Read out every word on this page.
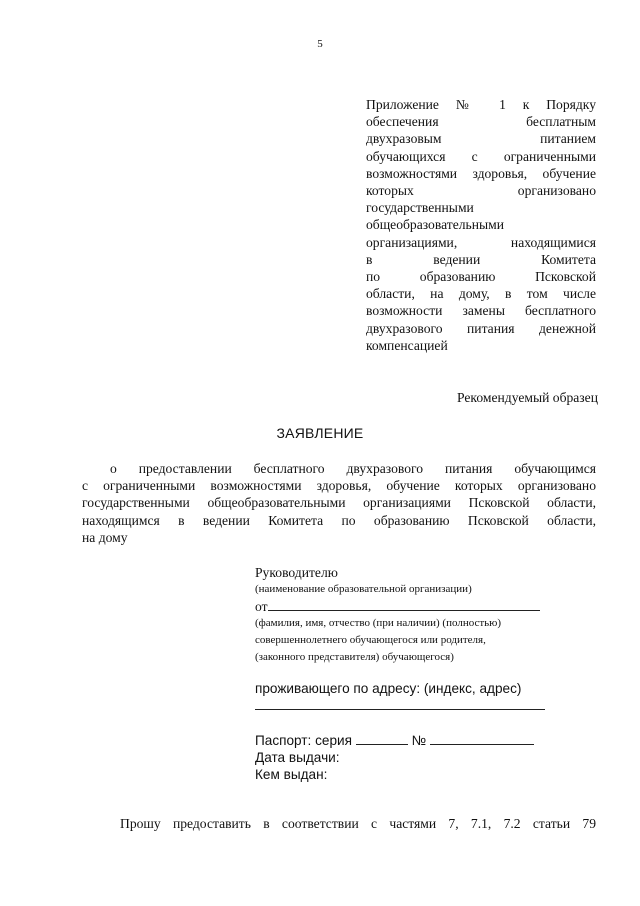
5
Приложение № 1 к Порядку
обеспечения бесплатным
двухразовым питанием
обучающихся с ограниченными
возможностями здоровья, обучение
которых организовано
государственными
общеобразовательными
организациями, находящимися
в ведении Комитета
по образованию Псковской
области, на дому, в том числе
возможности замены бесплатного
двухразового питания денежной
компенсацией
Рекомендуемый образец
ЗАЯВЛЕНИЕ
о предоставлении бесплатного двухразового питания обучающимся
с ограниченными возможностями здоровья, обучение которых организовано
государственными общеобразовательными организациями Псковской области,
находящимся в ведении Комитета по образованию Псковской области,
на дому
Руководителю
(наименование образовательной организации)
от
(фамилия, имя, отчество (при наличии) (полностью)
совершеннолетнего обучающегося или родителя,
(законного представителя) обучающегося)
проживающего по адресу: (индекс, адрес)
Паспорт: серия	№
Дата выдачи:
Кем выдан:
Прошу предоставить в соответствии с частями 7, 7.1, 7.2 статьи 79
